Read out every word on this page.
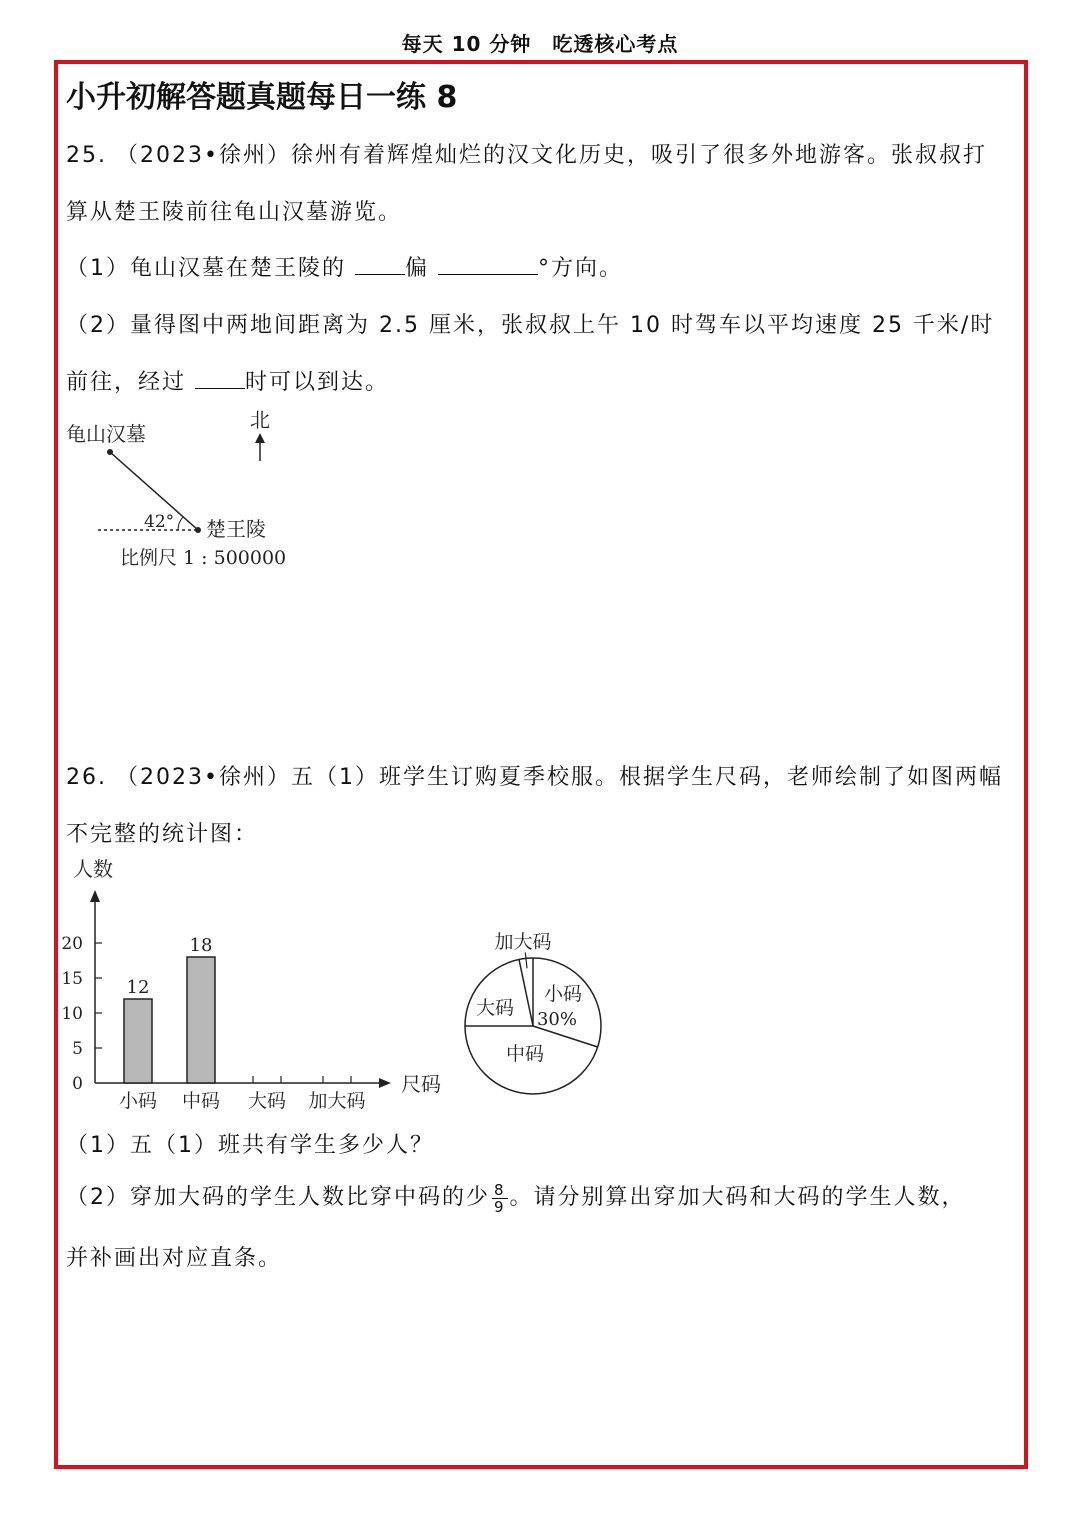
每天 10 分钟　吃透核心考点
小升初解答题真题每日一练 8
25. （2023•徐州）徐州有着辉煌灿烂的汉文化历史，吸引了很多外地游客。张叔叔打
算从楚王陵前往龟山汉墓游览。
（1）龟山汉墓在楚王陵的	偏	°方向。
（2）量得图中两地间距离为 2.5 厘米，张叔叔上午 10 时驾车以平均速度 25 千米/时
前往，经过	时可以到达。
龟山汉墓
北
42° 楚王陵
比例尺 1 : 500000
26. （2023•徐州）五（1）班学生订购夏季校服。根据学生尺码，老师绘制了如图两幅
不完整的统计图：
人数
尺码
0
5
10
15
20
小码
12
中码
18
大码 加大码
小码
中码
大码
30%
加大码
（1）五（1）班共有学生多少人？
（2）穿加大码的学生人数比穿中码的少 $\frac{8}{9}$ 。请分别算出穿加大码和大码的学生人数，
并补画出对应直条。
